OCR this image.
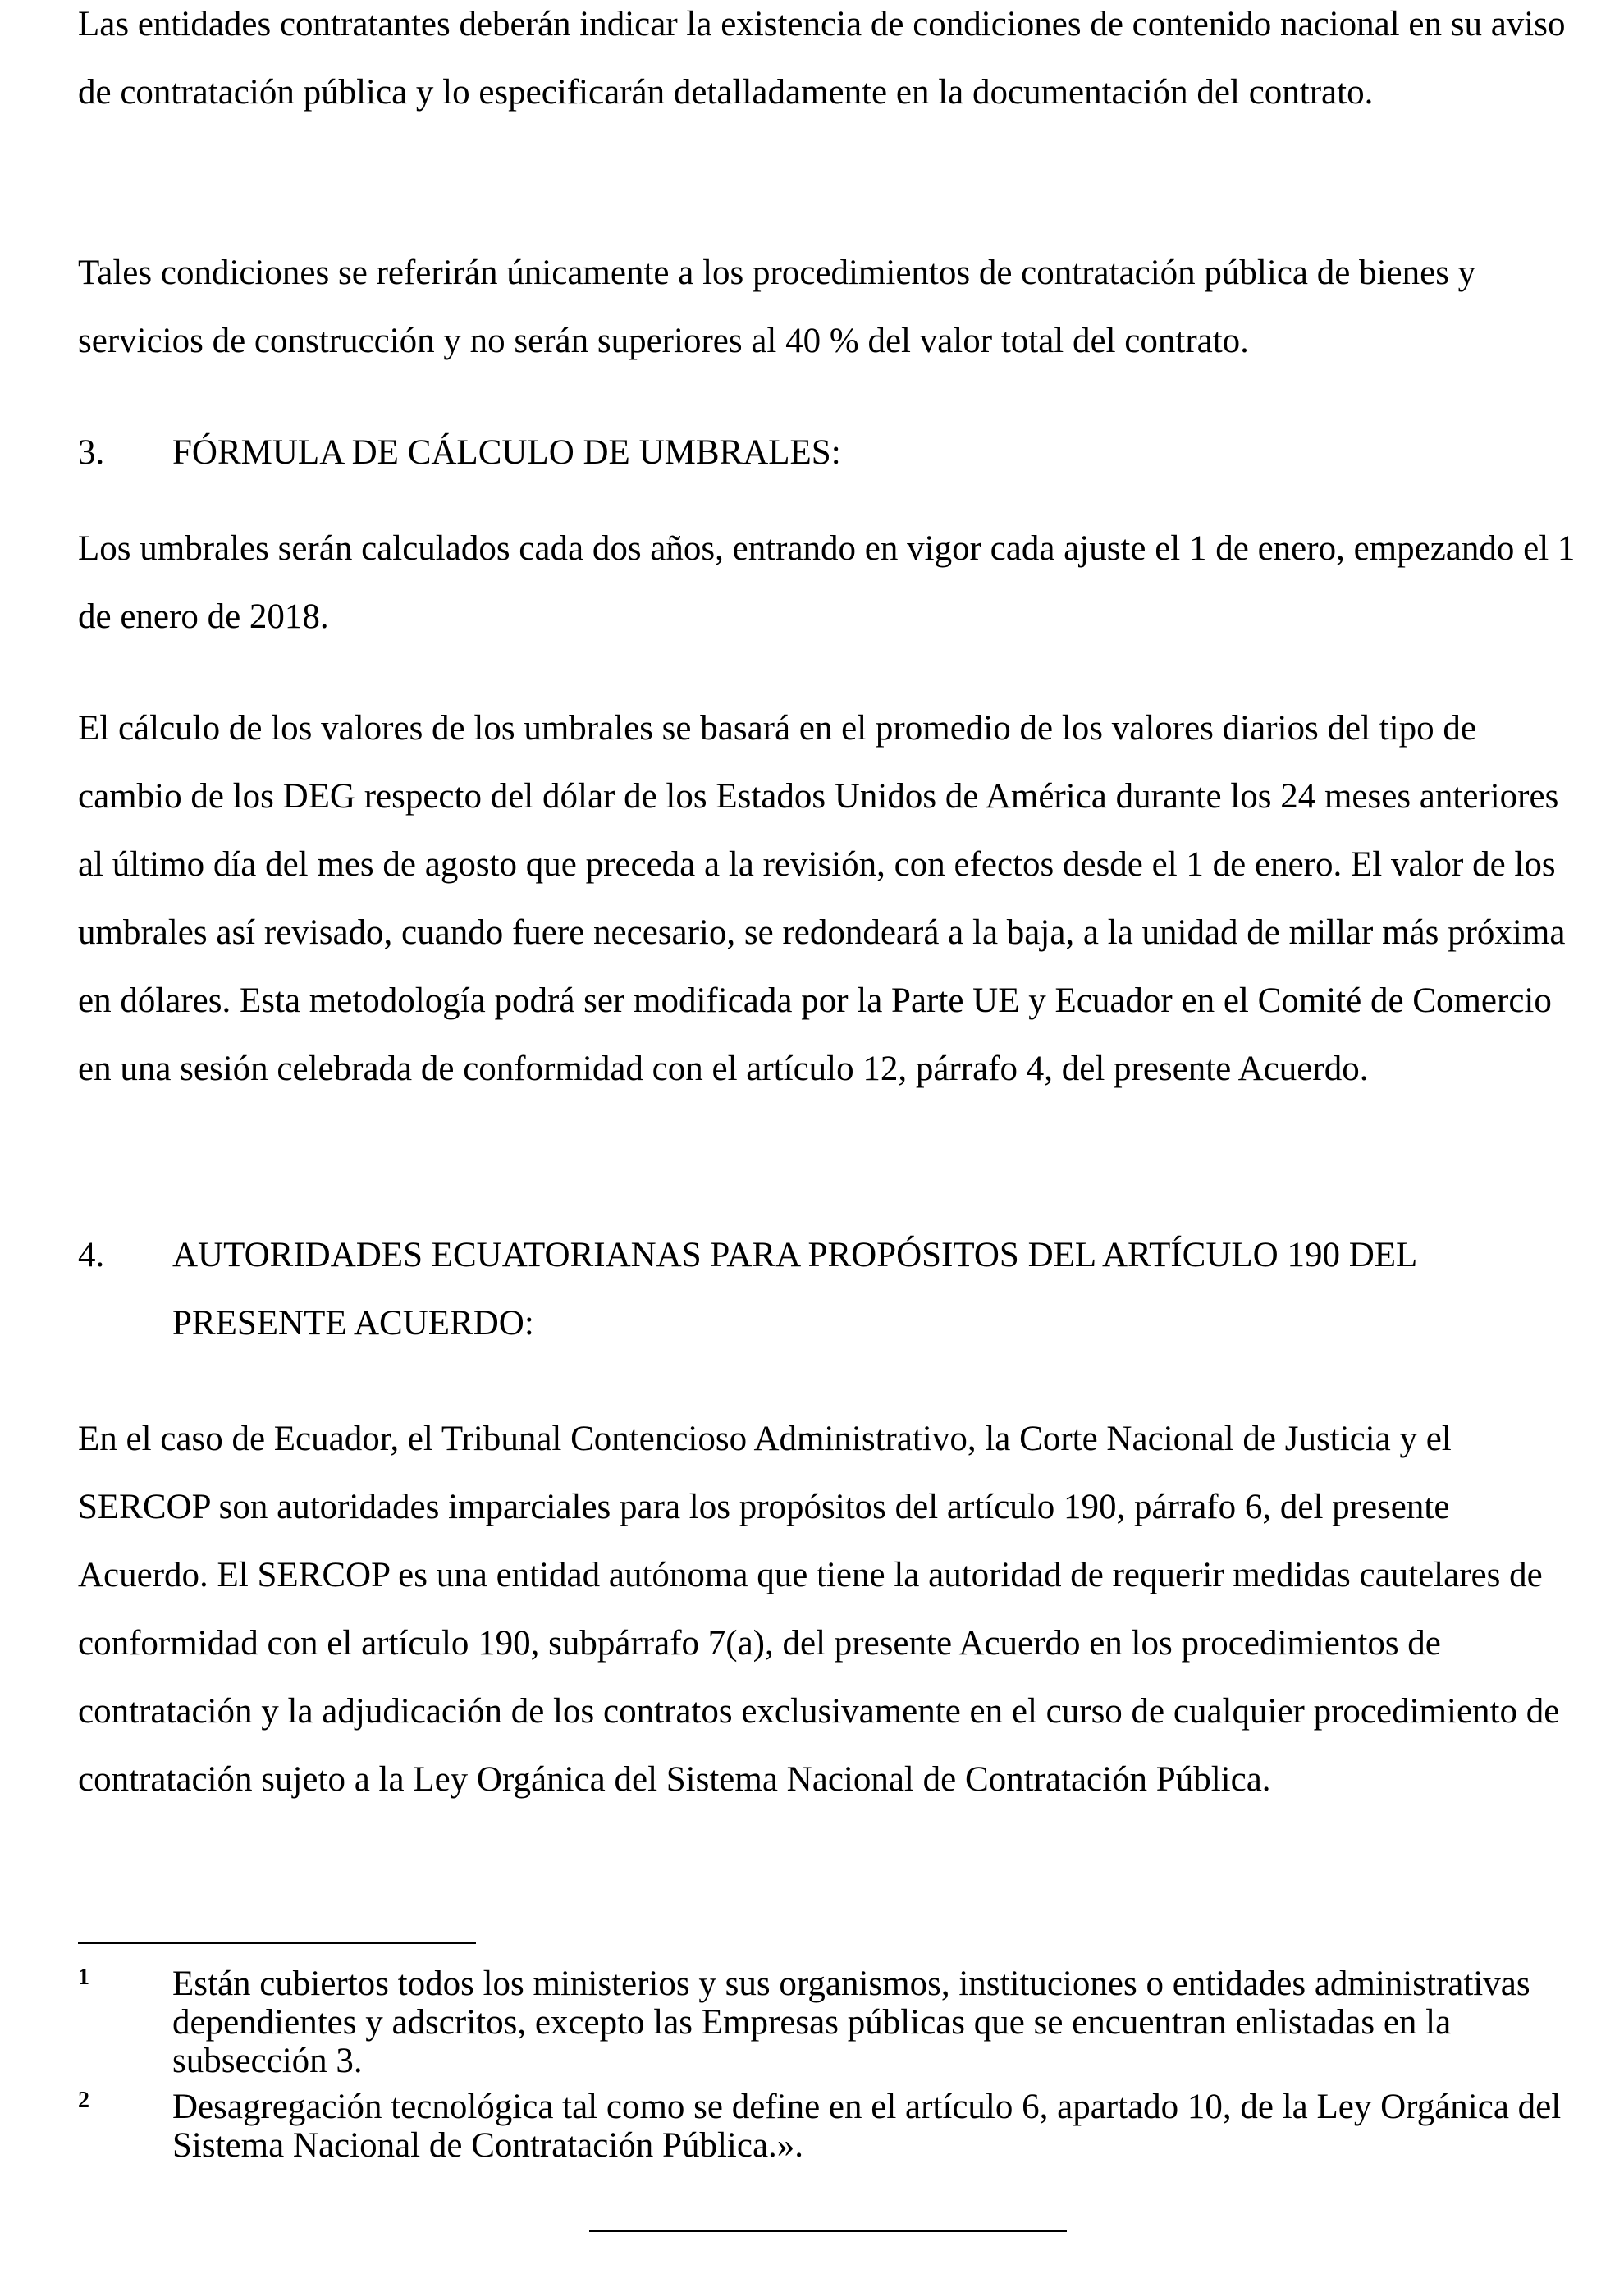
Las entidades contratantes deberán indicar la existencia de condiciones de contenido nacional en su aviso de contratación pública y lo especificarán detalladamente en la documentación del contrato.

Tales condiciones se referirán únicamente a los procedimientos de contratación pública de bienes y servicios de construcción y no serán superiores al 40 % del valor total del contrato.

3. FÓRMULA DE CÁLCULO DE UMBRALES:

Los umbrales serán calculados cada dos años, entrando en vigor cada ajuste el 1 de enero, empezando el 1 de enero de 2018.

El cálculo de los valores de los umbrales se basará en el promedio de los valores diarios del tipo de cambio de los DEG respecto del dólar de los Estados Unidos de América durante los 24 meses anteriores al último día del mes de agosto que preceda a la revisión, con efectos desde el 1 de enero. El valor de los umbrales así revisado, cuando fuere necesario, se redondeará a la baja, a la unidad de millar más próxima en dólares. Esta metodología podrá ser modificada por la Parte UE y Ecuador en el Comité de Comercio en una sesión celebrada de conformidad con el artículo 12, párrafo 4, del presente Acuerdo.

4. AUTORIDADES ECUATORIANAS PARA PROPÓSITOS DEL ARTÍCULO 190 DEL PRESENTE ACUERDO:

En el caso de Ecuador, el Tribunal Contencioso Administrativo, la Corte Nacional de Justicia y el SERCOP son autoridades imparciales para los propósitos del artículo 190, párrafo 6, del presente Acuerdo. El SERCOP es una entidad autónoma que tiene la autoridad de requerir medidas cautelares de conformidad con el artículo 190, subpárrafo 7(a), del presente Acuerdo en los procedimientos de contratación y la adjudicación de los contratos exclusivamente en el curso de cualquier procedimiento de contratación sujeto a la Ley Orgánica del Sistema Nacional de Contratación Pública.

1 Están cubiertos todos los ministerios y sus organismos, instituciones o entidades administrativas dependientes y adscritos, excepto las Empresas públicas que se encuentran enlistadas en la subsección 3.
2 Desagregación tecnológica tal como se define en el artículo 6, apartado 10, de la Ley Orgánica del Sistema Nacional de Contratación Pública.».
